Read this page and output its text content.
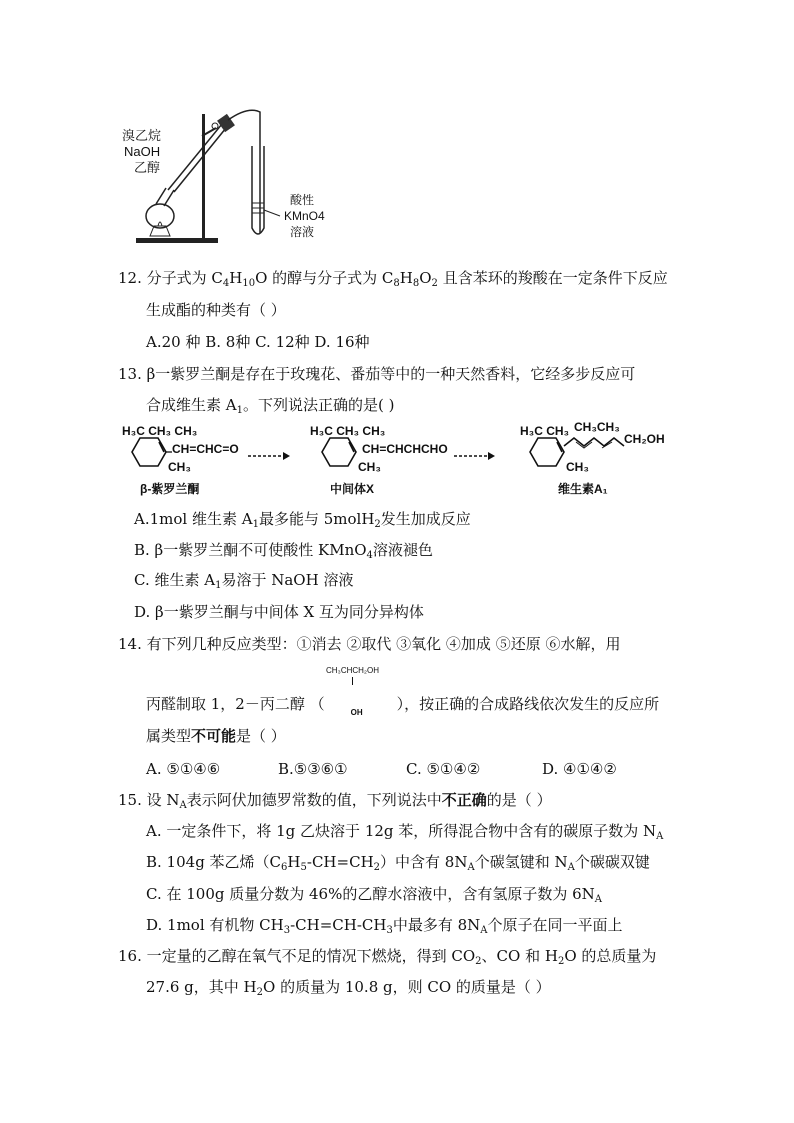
溴乙烷
NaOH
乙醇
酸性
KMnO4
溶液
12. 分子式为 $C_4H_{10}O$ 的醇与分子式为 $C_8H_8O_2$ 且含苯环的羧酸在一定条件下反应
生成酯的种类有（ ）
A.20 种 B. 8种 C. 12种 D. 16种
13. β一紫罗兰酮是存在于玫瑰花、番茄等中的一种天然香料，它经多步反应可
合成维生素 $A_1$。下列说法正确的是( )
H₃C CH₃ CH₃
CH=CHC=O
CH₃
β-紫罗兰酮
H₃C CH₃ CH₃
CH=CHCHCHO
CH₃
中间体X
H₃C CH₃ CH₃CH₃
CH₂OH
CH₃
维生素A₁
A.1mol 维生素 $A_1$最多能与 5molH$_2$发生加成反应
B. β一紫罗兰酮不可使酸性 KMnO$_4$溶液褪色
C. 维生素 $A_1$易溶于 NaOH 溶液
D. β一紫罗兰酮与中间体 X 互为同分异构体
14. 有下列几种反应类型：①消去 ②取代 ③氧化 ④加成 ⑤还原 ⑥水解，用
CH₃CHCH₂OH
丙醛制取 1，2－丙二醇 （	OH ），按正确的合成路线依次发生的反应所
属类型不可能是（ ）
A. ⑤①④⑥	B.⑤③⑥①	C. ⑤①④②	D. ④①④②
15. 设 $N_A$表示阿伏加德罗常数的值，下列说法中不正确的是（ ）
A. 一定条件下，将 1g 乙炔溶于 12g 苯，所得混合物中含有的碳原子数为 $N_A$
B. 104g 苯乙烯$(C_6H_5-CH=CH_2)$中含有 $8N_A$个碳氢键和 $N_A$个碳碳双键
C. 在 100g 质量分数为 46%的乙醇水溶液中，含有氢原子数为 $6N_A$
D. 1mol 有机物 $CH_3-CH=CH-CH_3$中最多有 $8N_A$个原子在同一平面上
16. 一定量的乙醇在氧气不足的情况下燃烧，得到 $CO_2$、CO 和 $H_2O$ 的总质量为
27.6 g，其中 $H_2O$ 的质量为 10.8 g，则 CO 的质量是（ ）
